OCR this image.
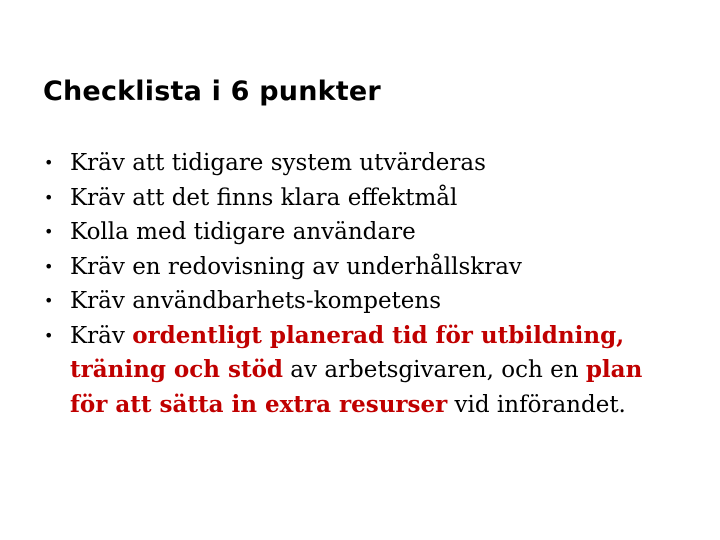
Checklista i 6 punkter
• Kräv att tidigare system utvärderas
• Kräv att det finns klara effektmål
• Kolla med tidigare användare
• Kräv en redovisning av underhållskrav
• Kräv användbarhets-kompetens
• Kräv ordentligt planerad tid för utbildning, träning och stöd av arbetsgivaren, och en plan för att sätta in extra resurser vid införandet.
